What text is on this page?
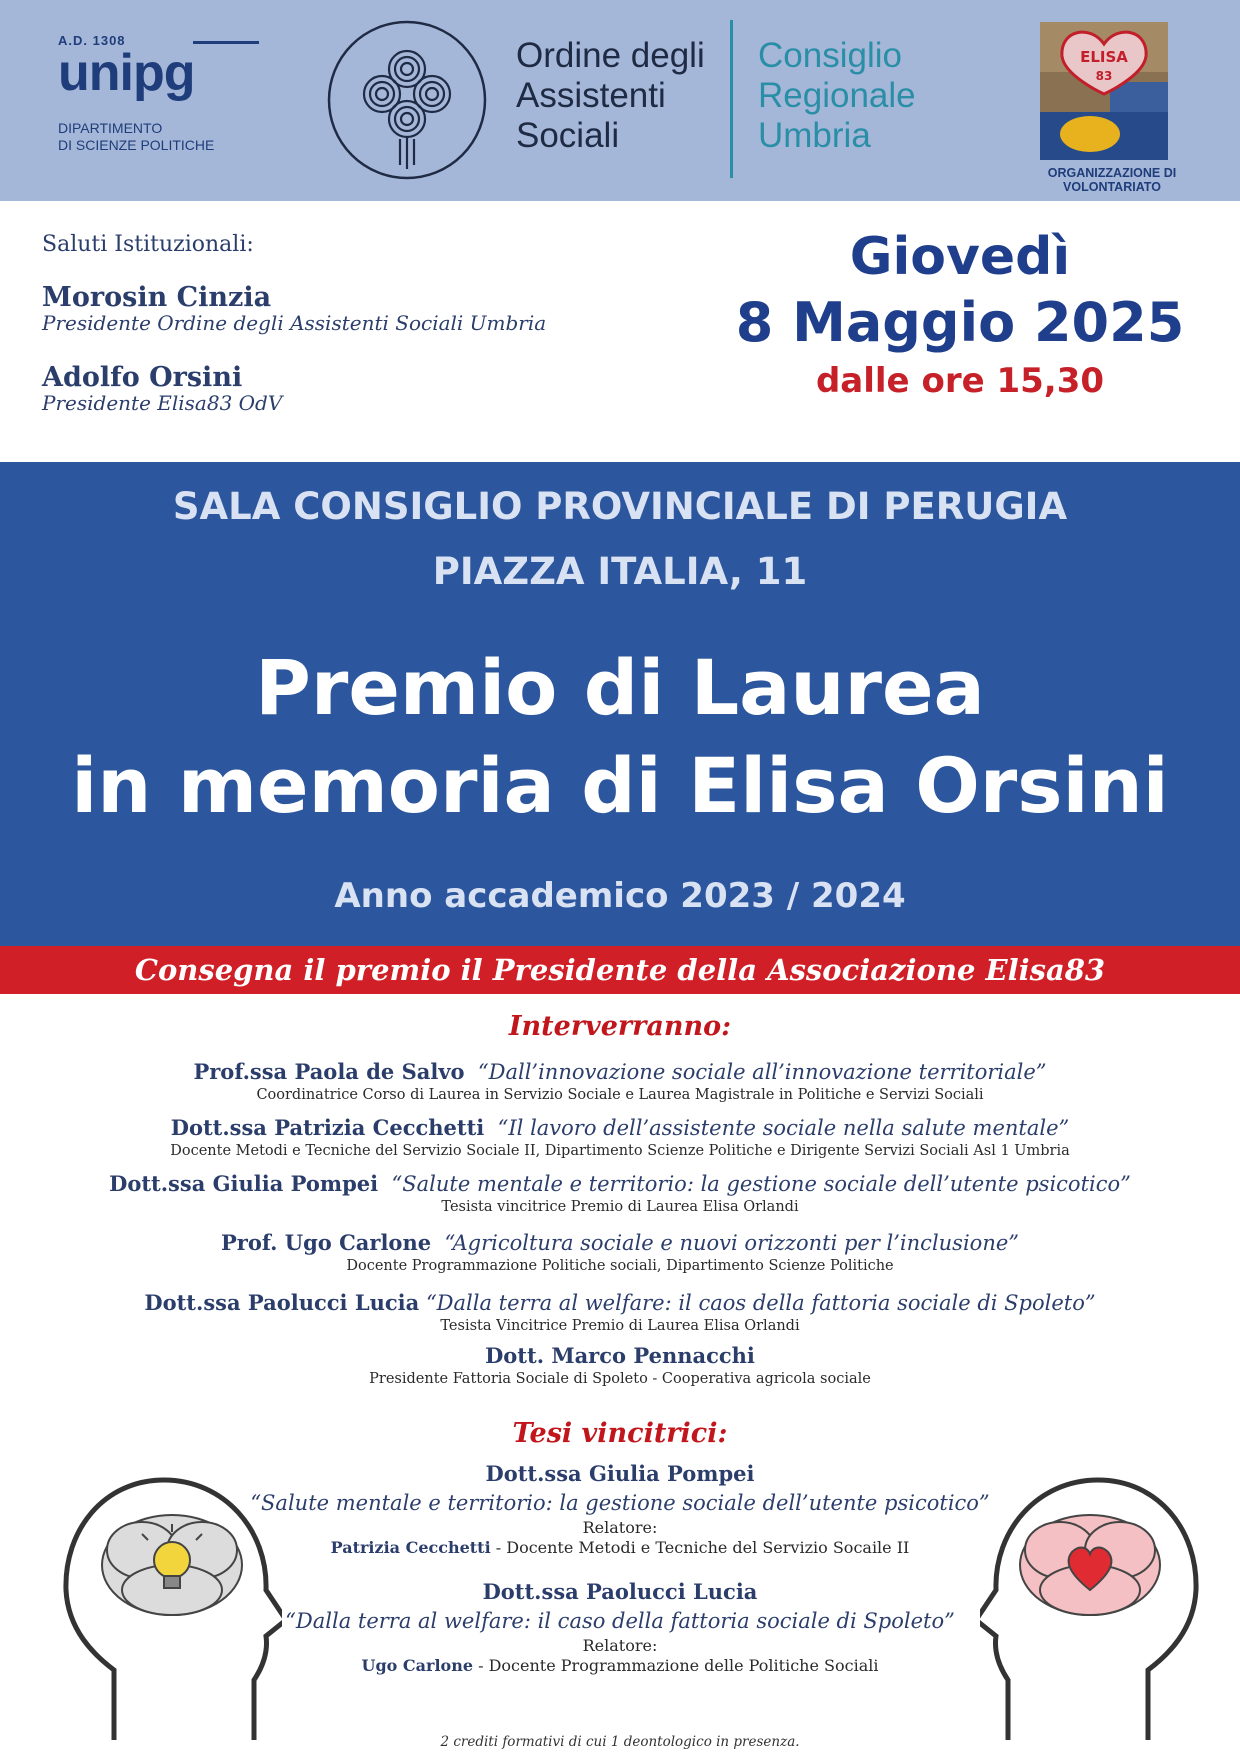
A.D. 1308
unipg
DIPARTIMENTO
DI SCIENZE POLITICHE
Ordine degli
Assistenti
Sociali
Consiglio
Regionale
Umbria
ELISA
83
ORGANIZZAZIONE DI VOLONTARIATO
Saluti Istituzionali:
Morosin Cinzia
Presidente Ordine degli Assistenti Sociali Umbria
Adolfo Orsini
Presidente Elisa83 OdV
Giovedì
8 Maggio 2025
dalle ore 15,30
SALA CONSIGLIO PROVINCIALE DI PERUGIA
PIAZZA ITALIA, 11
Premio di Laurea
in memoria di Elisa Orsini
Anno accademico 2023 / 2024
Consegna il premio il Presidente della Associazione Elisa83
Interverranno:
Prof.ssa Paola de Salvo “Dall’innovazione sociale all’innovazione territoriale”
Coordinatrice Corso di Laurea in Servizio Sociale e Laurea Magistrale in Politiche e Servizi Sociali
Dott.ssa Patrizia Cecchetti “Il lavoro dell’assistente sociale nella salute mentale”
Docente Metodi e Tecniche del Servizio Sociale II, Dipartimento Scienze Politiche e Dirigente Servizi Sociali Asl 1 Umbria
Dott.ssa Giulia Pompei “Salute mentale e territorio: la gestione sociale dell’utente psicotico”
Tesista vincitrice Premio di Laurea Elisa Orlandi
Prof. Ugo Carlone “Agricoltura sociale e nuovi orizzonti per l’inclusione”
Docente Programmazione Politiche sociali, Dipartimento Scienze Politiche
Dott.ssa Paolucci Lucia “Dalla terra al welfare: il caos della fattoria sociale di Spoleto”
Tesista Vincitrice Premio di Laurea Elisa Orlandi
Dott. Marco Pennacchi
Presidente Fattoria Sociale di Spoleto - Cooperativa agricola sociale
Tesi vincitrici:
Dott.ssa Giulia Pompei
“Salute mentale e territorio: la gestione sociale dell’utente psicotico”
Relatore:
Patrizia Cecchetti - Docente Metodi e Tecniche del Servizio Socaile II
Dott.ssa Paolucci Lucia
“Dalla terra al welfare: il caso della fattoria sociale di Spoleto”
Relatore:
Ugo Carlone - Docente Programmazione delle Politiche Sociali
2 crediti formativi di cui 1 deontologico in presenza.
